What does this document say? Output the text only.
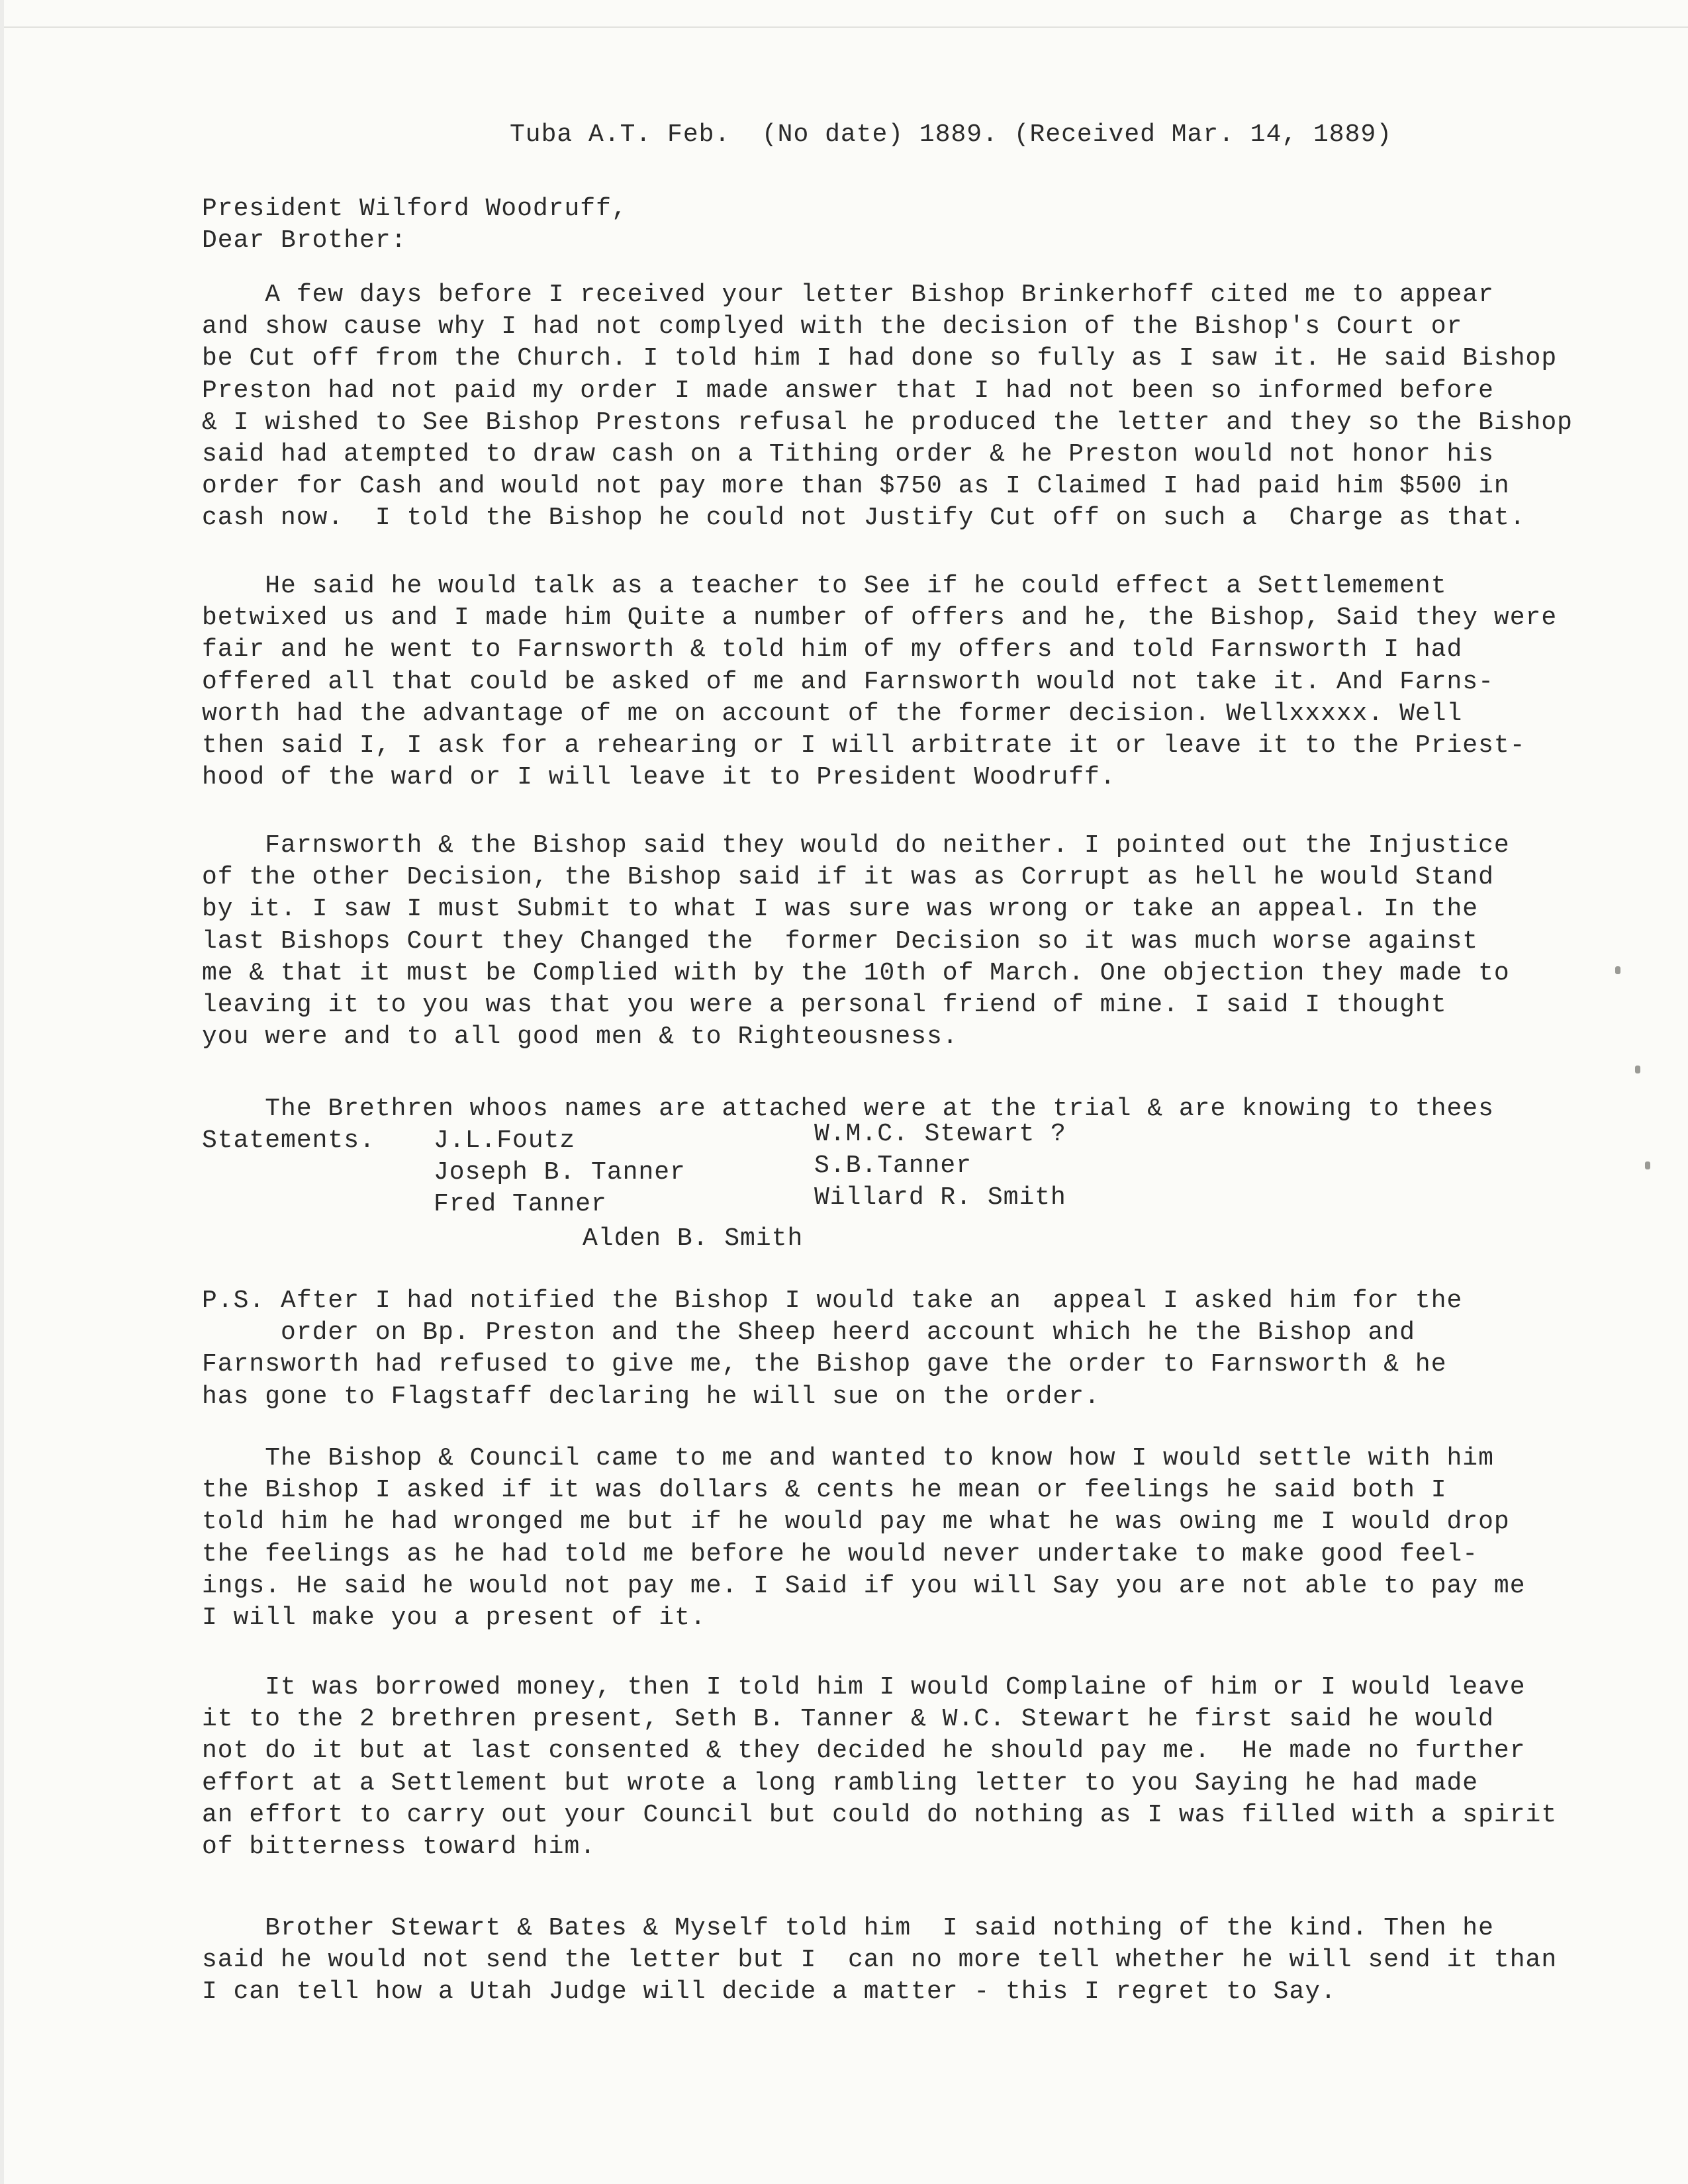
Tuba A.T. Feb.  (No date) 1889. (Received Mar. 14, 1889)
President Wilford Woodruff,
Dear Brother:
A few days before I received your letter Bishop Brinkerhoff cited me to appear
and show cause why I had not complyed with the decision of the Bishop's Court or
be Cut off from the Church. I told him I had done so fully as I saw it. He said Bishop
Preston had not paid my order I made answer that I had not been so informed before
& I wished to See Bishop Prestons refusal he produced the letter and they so the Bishop
said had atempted to draw cash on a Tithing order & he Preston would not honor his
order for Cash and would not pay more than $750 as I Claimed I had paid him $500 in
cash now.  I told the Bishop he could not Justify Cut off on such a  Charge as that.
He said he would talk as a teacher to See if he could effect a Settlemement
betwixed us and I made him Quite a number of offers and he, the Bishop, Said they were
fair and he went to Farnsworth & told him of my offers and told Farnsworth I had
offered all that could be asked of me and Farnsworth would not take it. And Farns-
worth had the advantage of me on account of the former decision. Wellxxxxx. Well
then said I, I ask for a rehearing or I will arbitrate it or leave it to the Priest-
hood of the ward or I will leave it to President Woodruff.
Farnsworth & the Bishop said they would do neither. I pointed out the Injustice
of the other Decision, the Bishop said if it was as Corrupt as hell he would Stand
by it. I saw I must Submit to what I was sure was wrong or take an appeal. In the
last Bishops Court they Changed the  former Decision so it was much worse against
me & that it must be Complied with by the 10th of March. One objection they made to
leaving it to you was that you were a personal friend of mine. I said I thought
you were and to all good men & to Righteousness.
The Brethren whoos names are attached were at the trial & are knowing to thees
Statements.	J.L.Foutz
Joseph B. Tanner
Fred Tanner
W.M.C. Stewart ?
S.B.Tanner
Willard R. Smith
Alden B. Smith
P.S. After I had notified the Bishop I would take an  appeal I asked him for the
order on Bp. Preston and the Sheep heerd account which he the Bishop and
Farnsworth had refused to give me, the Bishop gave the order to Farnsworth & he
has gone to Flagstaff declaring he will sue on the order.
The Bishop & Council came to me and wanted to know how I would settle with him
the Bishop I asked if it was dollars & cents he mean or feelings he said both I
told him he had wronged me but if he would pay me what he was owing me I would drop
the feelings as he had told me before he would never undertake to make good feel-
ings. He said he would not pay me. I Said if you will Say you are not able to pay me
I will make you a present of it.
It was borrowed money, then I told him I would Complaine of him or I would leave
it to the 2 brethren present, Seth B. Tanner & W.C. Stewart he first said he would
not do it but at last consented & they decided he should pay me.  He made no further
effort at a Settlement but wrote a long rambling letter to you Saying he had made
an effort to carry out your Council but could do nothing as I was filled with a spirit
of bitterness toward him.
Brother Stewart & Bates & Myself told him  I said nothing of the kind. Then he
said he would not send the letter but I  can no more tell whether he will send it than
I can tell how a Utah Judge will decide a matter - this I regret to Say.
